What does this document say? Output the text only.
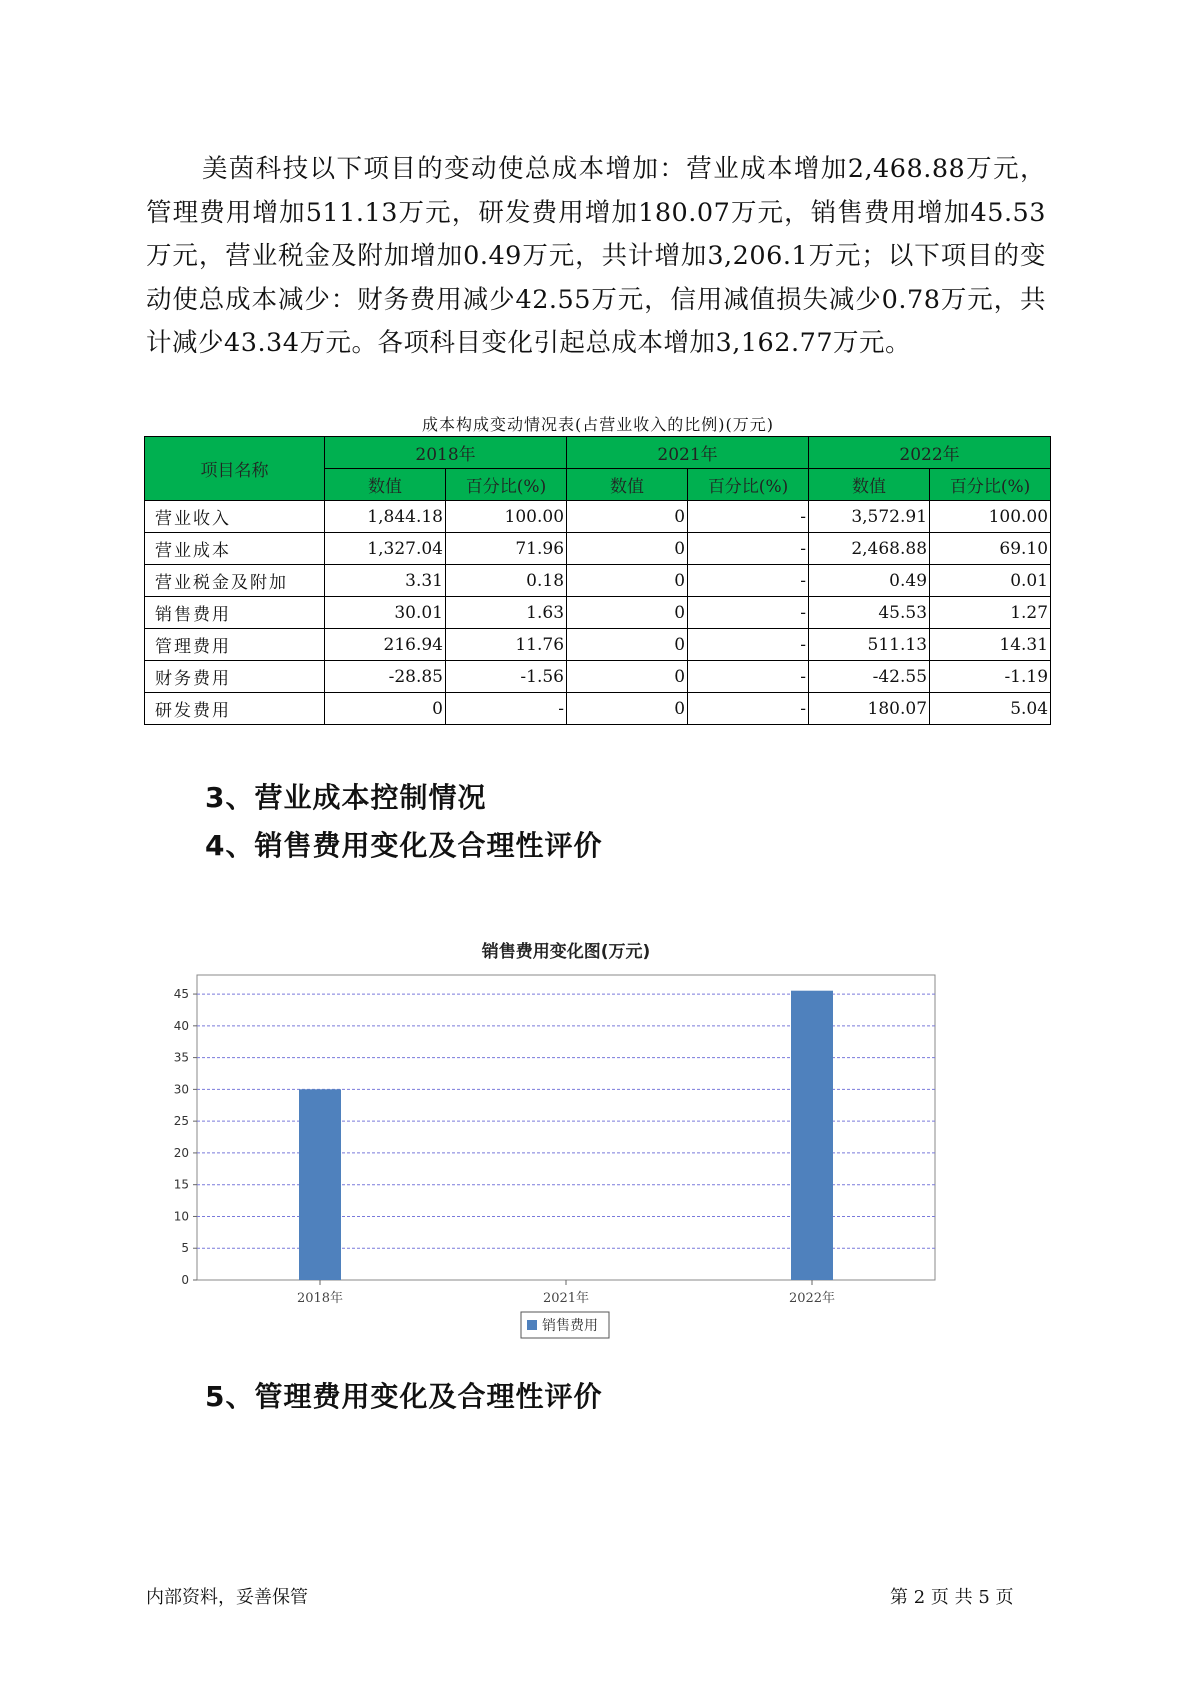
美茵科技以下项目的变动使总成本增加：营业成本增加2,468.88万元，管理费用增加511.13万元，研发费用增加180.07万元，销售费用增加45.53万元，营业税金及附加增加0.49万元，共计增加3,206.1万元；以下项目的变动使总成本减少：财务费用减少42.55万元，信用减值损失减少0.78万元，共计减少43.34万元。各项科目变化引起总成本增加3,162.77万元。

成本构成变动情况表(占营业收入的比例)(万元)
项目名称	2018年		2021年		2022年	
	数值	百分比(%)	数值	百分比(%)	数值	百分比(%)
营业收入	1,844.18	100.00	0	-	3,572.91	100.00
营业成本	1,327.04	71.96	0	-	2,468.88	69.10
营业税金及附加	3.31	0.18	0	-	0.49	0.01
销售费用	30.01	1.63	0	-	45.53	1.27
管理费用	216.94	11.76	0	-	511.13	14.31
财务费用	-28.85	-1.56	0	-	-42.55	-1.19
研发费用	0	-	0	-	180.07	5.04
3、营业成本控制情况
4、销售费用变化及合理性评价
销售费用变化图(万元)
0
5
10
15
20
25
30
35
40
45
2018年	2021年	2022年
销售费用
5、管理费用变化及合理性评价
内部资料，妥善保管	第 2 页 共 5 页
